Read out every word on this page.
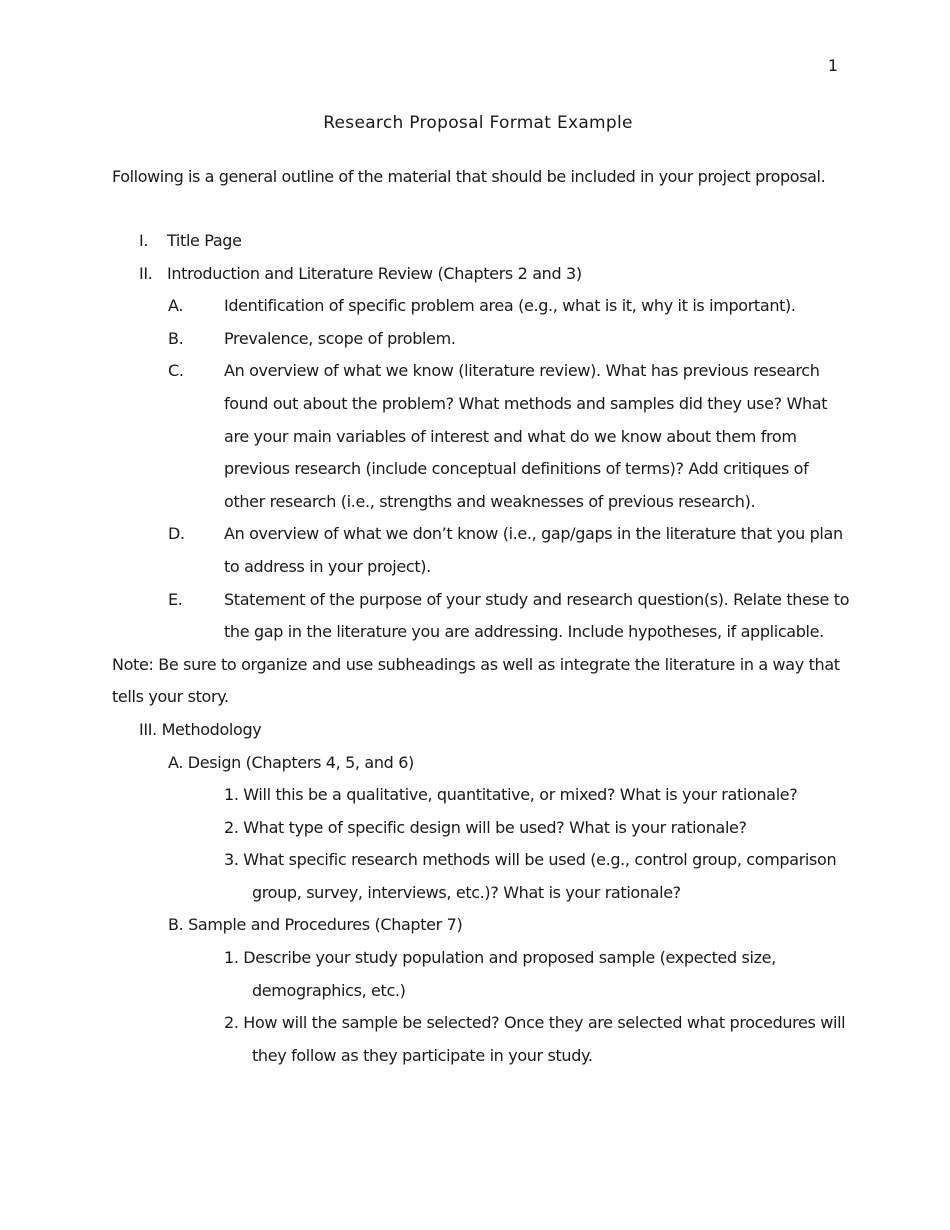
1
Research Proposal Format Example
Following is a general outline of the material that should be included in your project proposal.
I.	Title Page
II. Introduction and Literature Review (Chapters 2 and 3)
A.	Identification of specific problem area (e.g., what is it, why it is important).
B.	Prevalence, scope of problem.
C.	An overview of what we know (literature review). What has previous research found out about the problem? What methods and samples did they use? What are your main variables of interest and what do we know about them from previous research (include conceptual definitions of terms)? Add critiques of other research (i.e., strengths and weaknesses of previous research).
D.	An overview of what we don’t know (i.e., gap/gaps in the literature that you plan to address in your project).
E.	Statement of the purpose of your study and research question(s). Relate these to the gap in the literature you are addressing. Include hypotheses, if applicable.
Note: Be sure to organize and use subheadings as well as integrate the literature in a way that tells your story.
III. Methodology
A. Design (Chapters 4, 5, and 6)
1. Will this be a qualitative, quantitative, or mixed? What is your rationale?
2. What type of specific design will be used? What is your rationale?
3. What specific research methods will be used (e.g., control group, comparison group, survey, interviews, etc.)? What is your rationale?
B. Sample and Procedures (Chapter 7)
1. Describe your study population and proposed sample (expected size, demographics, etc.)
2. How will the sample be selected? Once they are selected what procedures will they follow as they participate in your study.
